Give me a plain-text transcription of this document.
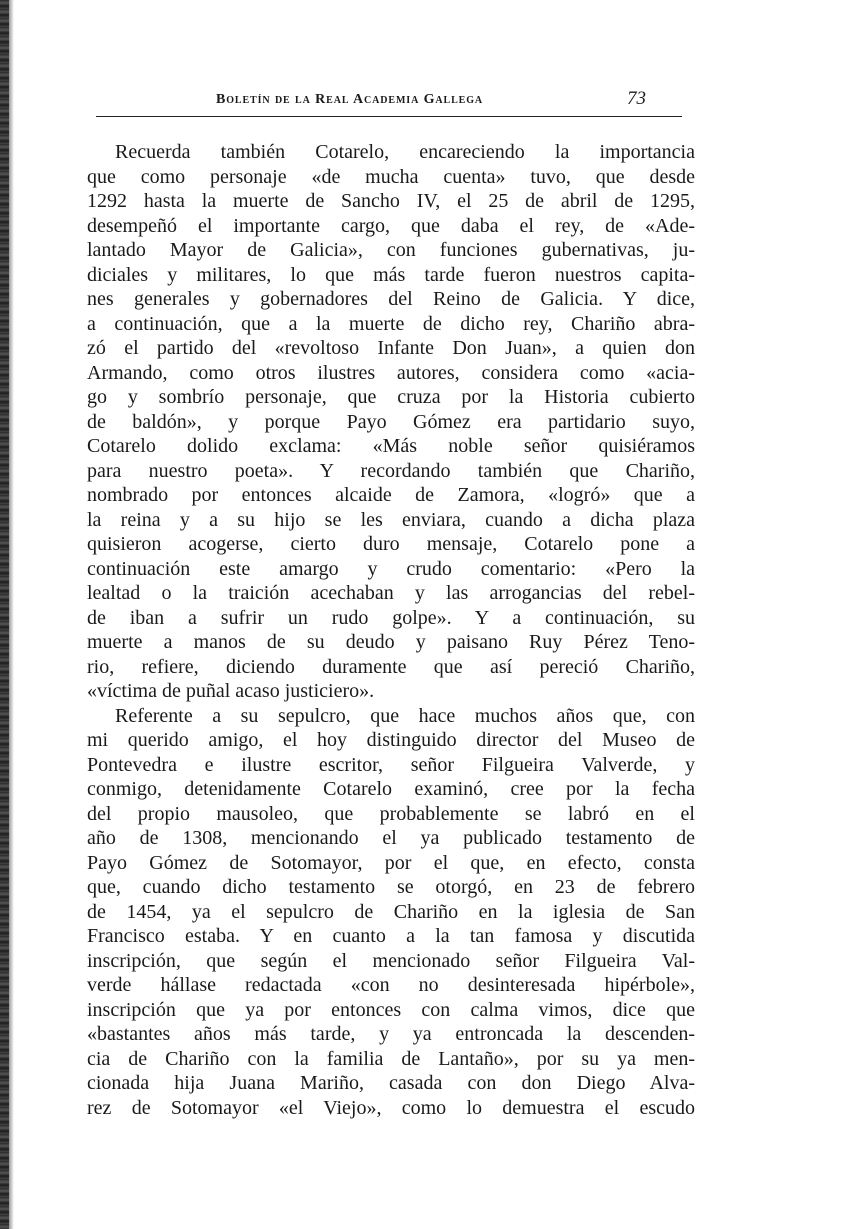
Boletín de la Real Academia Gallega	73
Recuerda también Cotarelo, encareciendo la importancia
que como personaje «de mucha cuenta» tuvo, que desde
1292 hasta la muerte de Sancho IV, el 25 de abril de 1295,
desempeñó el importante cargo, que daba el rey, de «Ade-
lantado Mayor de Galicia», con funciones gubernativas, ju-
diciales y militares, lo que más tarde fueron nuestros capita-
nes generales y gobernadores del Reino de Galicia. Y dice,
a continuación, que a la muerte de dicho rey, Chariño abra-
zó el partido del «revoltoso Infante Don Juan», a quien don
Armando, como otros ilustres autores, considera como «acia-
go y sombrío personaje, que cruza por la Historia cubierto
de baldón», y porque Payo Gómez era partidario suyo,
Cotarelo dolido exclama: «Más noble señor quisiéramos
para nuestro poeta». Y recordando también que Chariño,
nombrado por entonces alcaide de Zamora, «logró» que a
la reina y a su hijo se les enviara, cuando a dicha plaza
quisieron acogerse, cierto duro mensaje, Cotarelo pone a
continuación este amargo y crudo comentario: «Pero la
lealtad o la traición acechaban y las arrogancias del rebel-
de iban a sufrir un rudo golpe». Y a continuación, su
muerte a manos de su deudo y paisano Ruy Pérez Teno-
rio, refiere, diciendo duramente que así pereció Chariño,
«víctima de puñal acaso justiciero».
Referente a su sepulcro, que hace muchos años que, con
mi querido amigo, el hoy distinguido director del Museo de
Pontevedra e ilustre escritor, señor Filgueira Valverde, y
conmigo, detenidamente Cotarelo examinó, cree por la fecha
del propio mausoleo, que probablemente se labró en el
año de 1308, mencionando el ya publicado testamento de
Payo Gómez de Sotomayor, por el que, en efecto, consta
que, cuando dicho testamento se otorgó, en 23 de febrero
de 1454, ya el sepulcro de Chariño en la iglesia de San
Francisco estaba. Y en cuanto a la tan famosa y discutida
inscripción, que según el mencionado señor Filgueira Val-
verde hállase redactada «con no desinteresada hipérbole»,
inscripción que ya por entonces con calma vimos, dice que
«bastantes años más tarde, y ya entroncada la descenden-
cia de Chariño con la familia de Lantaño», por su ya men-
cionada hija Juana Mariño, casada con don Diego Alva-
rez de Sotomayor «el Viejo», como lo demuestra el escudo
